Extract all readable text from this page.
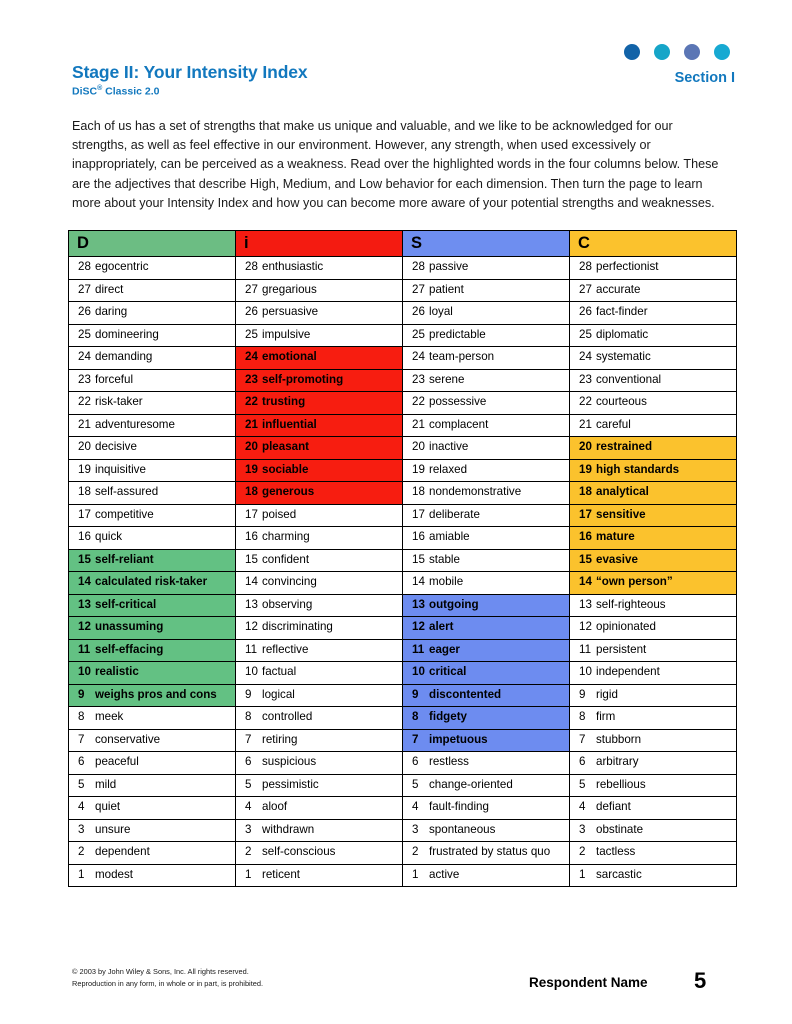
Stage II: Your Intensity Index
DiSC® Classic 2.0
Section I
Each of us has a set of strengths that make us unique and valuable, and we like to be acknowledged for our strengths, as well as feel effective in our environment. However, any strength, when used excessively or inappropriately, can be perceived as a weakness. Read over the highlighted words in the four columns below. These are the adjectives that describe High, Medium, and Low behavior for each dimension. Then turn the page to learn more about your Intensity Index and how you can become more aware of your potential strengths and weaknesses.
D	i	S	C

28 egocentric	28 enthusiastic	28 passive	28 perfectionist

27 direct	27 gregarious	27 patient	27 accurate

26 daring	26 persuasive	26 loyal	26 fact-finder

25 domineering	25 impulsive	25 predictable	25 diplomatic

24 demanding	24 emotional	24 team-person	24 systematic

23 forceful	23 self-promoting	23 serene	23 conventional

22 risk-taker	22 trusting	22 possessive	22 courteous

21 adventuresome	21 influential	21 complacent	21 careful

20 decisive	20 pleasant	20 inactive	20 restrained

19 inquisitive	19 sociable	19 relaxed	19 high standards

18 self-assured	18 generous	18 nondemonstrative	18 analytical

17 competitive	17 poised	17 deliberate	17 sensitive

16 quick	16 charming	16 amiable	16 mature

15 self-reliant	15 confident	15 stable	15 evasive

14 calculated risk-taker	14 convincing	14 mobile	14 “own person”

13 self-critical	13 observing	13 outgoing	13 self-righteous

12 unassuming	12 discriminating	12 alert	12 opinionated

11 self-effacing	11 reflective	11 eager	11 persistent

10 realistic	10 factual	10 critical	10 independent

9 weighs pros and cons	9 logical	9 discontented	9 rigid

8 meek	8 controlled	8 fidgety	8 firm

7 conservative	7 retiring	7 impetuous	7 stubborn

6 peaceful	6 suspicious	6 restless	6 arbitrary

5 mild	5 pessimistic	5 change-oriented	5 rebellious

4 quiet	4 aloof	4 fault-finding	4 defiant

3 unsure	3 withdrawn	3 spontaneous	3 obstinate

2 dependent	2 self-conscious	2 frustrated by status quo	2 tactless

1 modest	1 reticent	1 active	1 sarcastic
© 2003 by John Wiley & Sons, Inc. All rights reserved.
Reproduction in any form, in whole or in part, is prohibited.	Respondent Name 5
